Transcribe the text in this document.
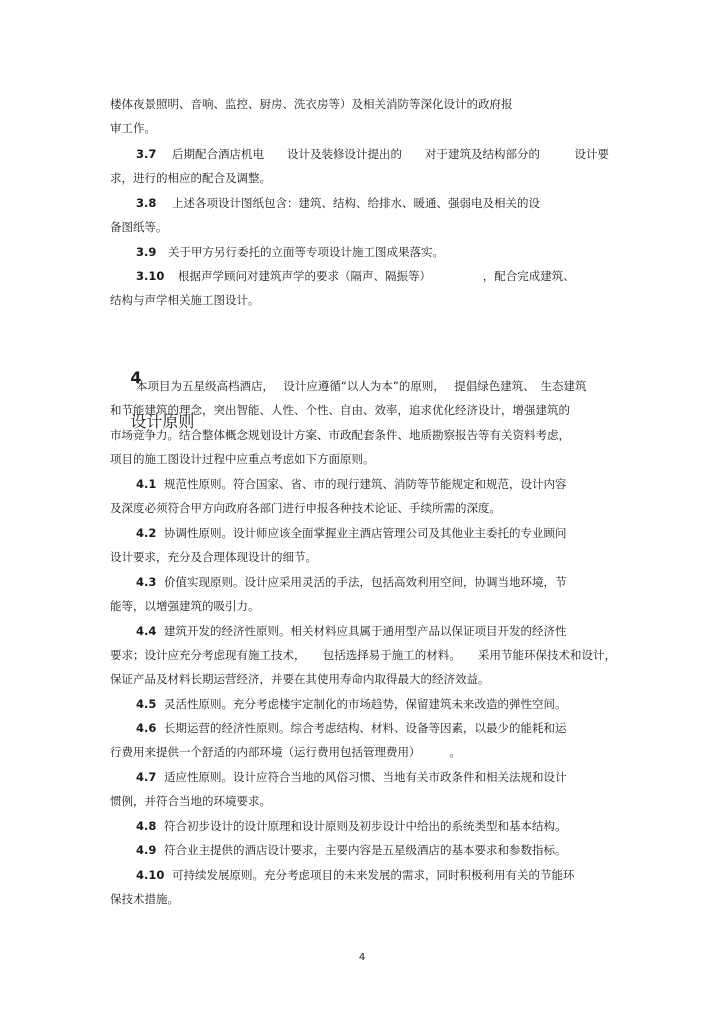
楼体夜景照明、音响、监控、厨房、洗衣房等）及相关消防等深化设计的政府报
审工作。
3.7 后期配合酒店机电　　设计及装修设计提出的　　对于建筑及结构部分的　　　设计要
求，进行的相应的配合及调整。
3.8 上述各项设计图纸包含：建筑、结构、给排水、暖通、强弱电及相关的设
备图纸等。
3.9 关于甲方另行委托的立面等专项设计施工图成果落实。
3.10 根据声学顾问对建筑声学的要求（隔声、隔振等）　　　　　，配合完成建筑、
结构与声学相关施工图设计。

4

设计原则

本项目为五星级高档酒店，　 设计应遵循“以人为本”的原则，　 提倡绿色建筑、　生态建筑
和节能建筑的理念，突出智能、人性、个性、自由、效率，追求优化经济设计，增强建筑的
市场竞争力。结合整体概念规划设计方案、市政配套条件、地质勘察报告等有关资料考虑，
项目的施工图设计过程中应重点考虑如下方面原则。
4.1 规范性原则。符合国家、省、市的现行建筑、消防等节能规定和规范，设计内容
及深度必须符合甲方向政府各部门进行申报各种技术论证、手续所需的深度。
4.2 协调性原则。设计师应该全面掌握业主酒店管理公司及其他业主委托的专业顾问
设计要求，充分及合理体现设计的细节。
4.3 价值实现原则。设计应采用灵活的手法，包括高效利用空间，协调当地环境，节
能等，以增强建筑的吸引力。
4.4 建筑开发的经济性原则。相关材料应具属于通用型产品以保证项目开发的经济性
要求；设计应充分考虑现有施工技术，　　包括选择易于施工的材料。　　采用节能环保技术和设计，
保证产品及材料长期运营经济，并要在其使用寿命内取得最大的经济效益。
4.5 灵活性原则。充分考虑楼宇定制化的市场趋势，保留建筑未来改造的弹性空间。
4.6 长期运营的经济性原则。综合考虑结构、材料、设备等因素，以最少的能耗和运
行费用来提供一个舒适的内部环境（运行费用包括管理费用）　　　。
4.7 适应性原则。设计应符合当地的风俗习惯、当地有关市政条件和相关法规和设计
惯例，并符合当地的环境要求。
4.8 符合初步设计的设计原理和设计原则及初步设计中给出的系统类型和基本结构。
4.9 符合业主提供的酒店设计要求，主要内容是五星级酒店的基本要求和参数指标。
4.10 可持续发展原则。充分考虑项目的未来发展的需求，同时积极利用有关的节能环
保技术措施。
4
